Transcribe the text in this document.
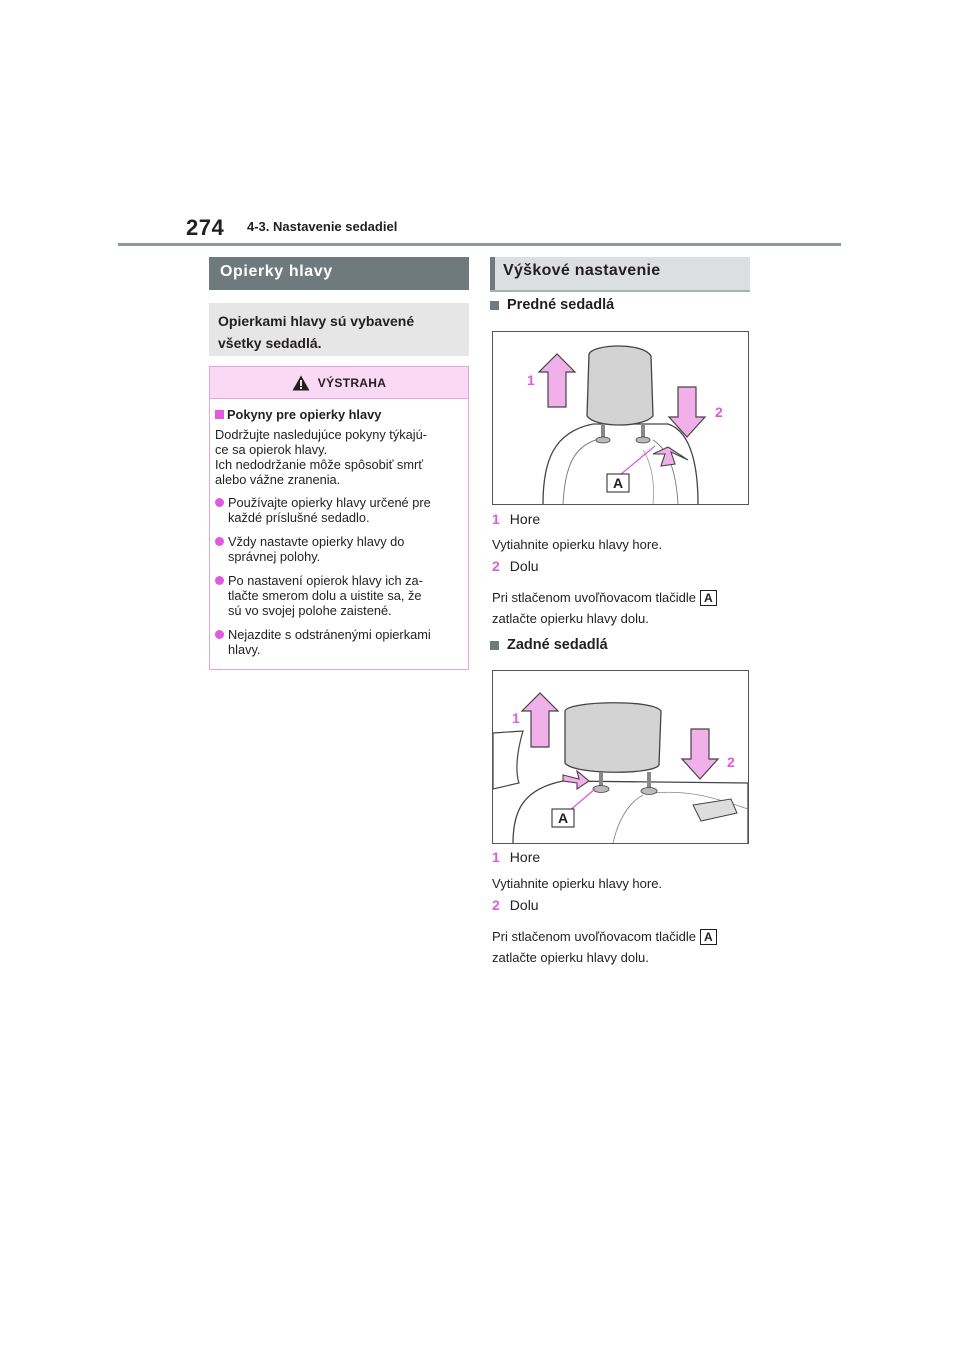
274 4-3. Nastavenie sedadiel
Opierky hlavy
Opierkami hlavy sú vybavené
všetky sedadlá.
VÝSTRAHA
Pokyny pre opierky hlavy
Dodržujte nasledujúce pokyny týkajú-
ce sa opierok hlavy.
Ich nedodržanie môže spôsobiť smrť
alebo vážne zranenia.
Používajte opierky hlavy určené pre
každé príslušné sedadlo.
Vždy nastavte opierky hlavy do
správnej polohy.
Po nastavení opierok hlavy ich za-
tlačte smerom dolu a uistite sa, že
sú vo svojej polohe zaistené.
Nejazdite s odstránenými opierkami
hlavy.
Výškové nastavenie
Predné sedadlá
A
1
2
1 Hore
Vytiahnite opierku hlavy hore.
2 Dolu
Pri stlačenom uvoľňovacom tlačidle A
zatlačte opierku hlavy dolu.
Zadné sedadlá
A
1
2
1 Hore
Vytiahnite opierku hlavy hore.
2 Dolu
Pri stlačenom uvoľňovacom tlačidle A
zatlačte opierku hlavy dolu.
